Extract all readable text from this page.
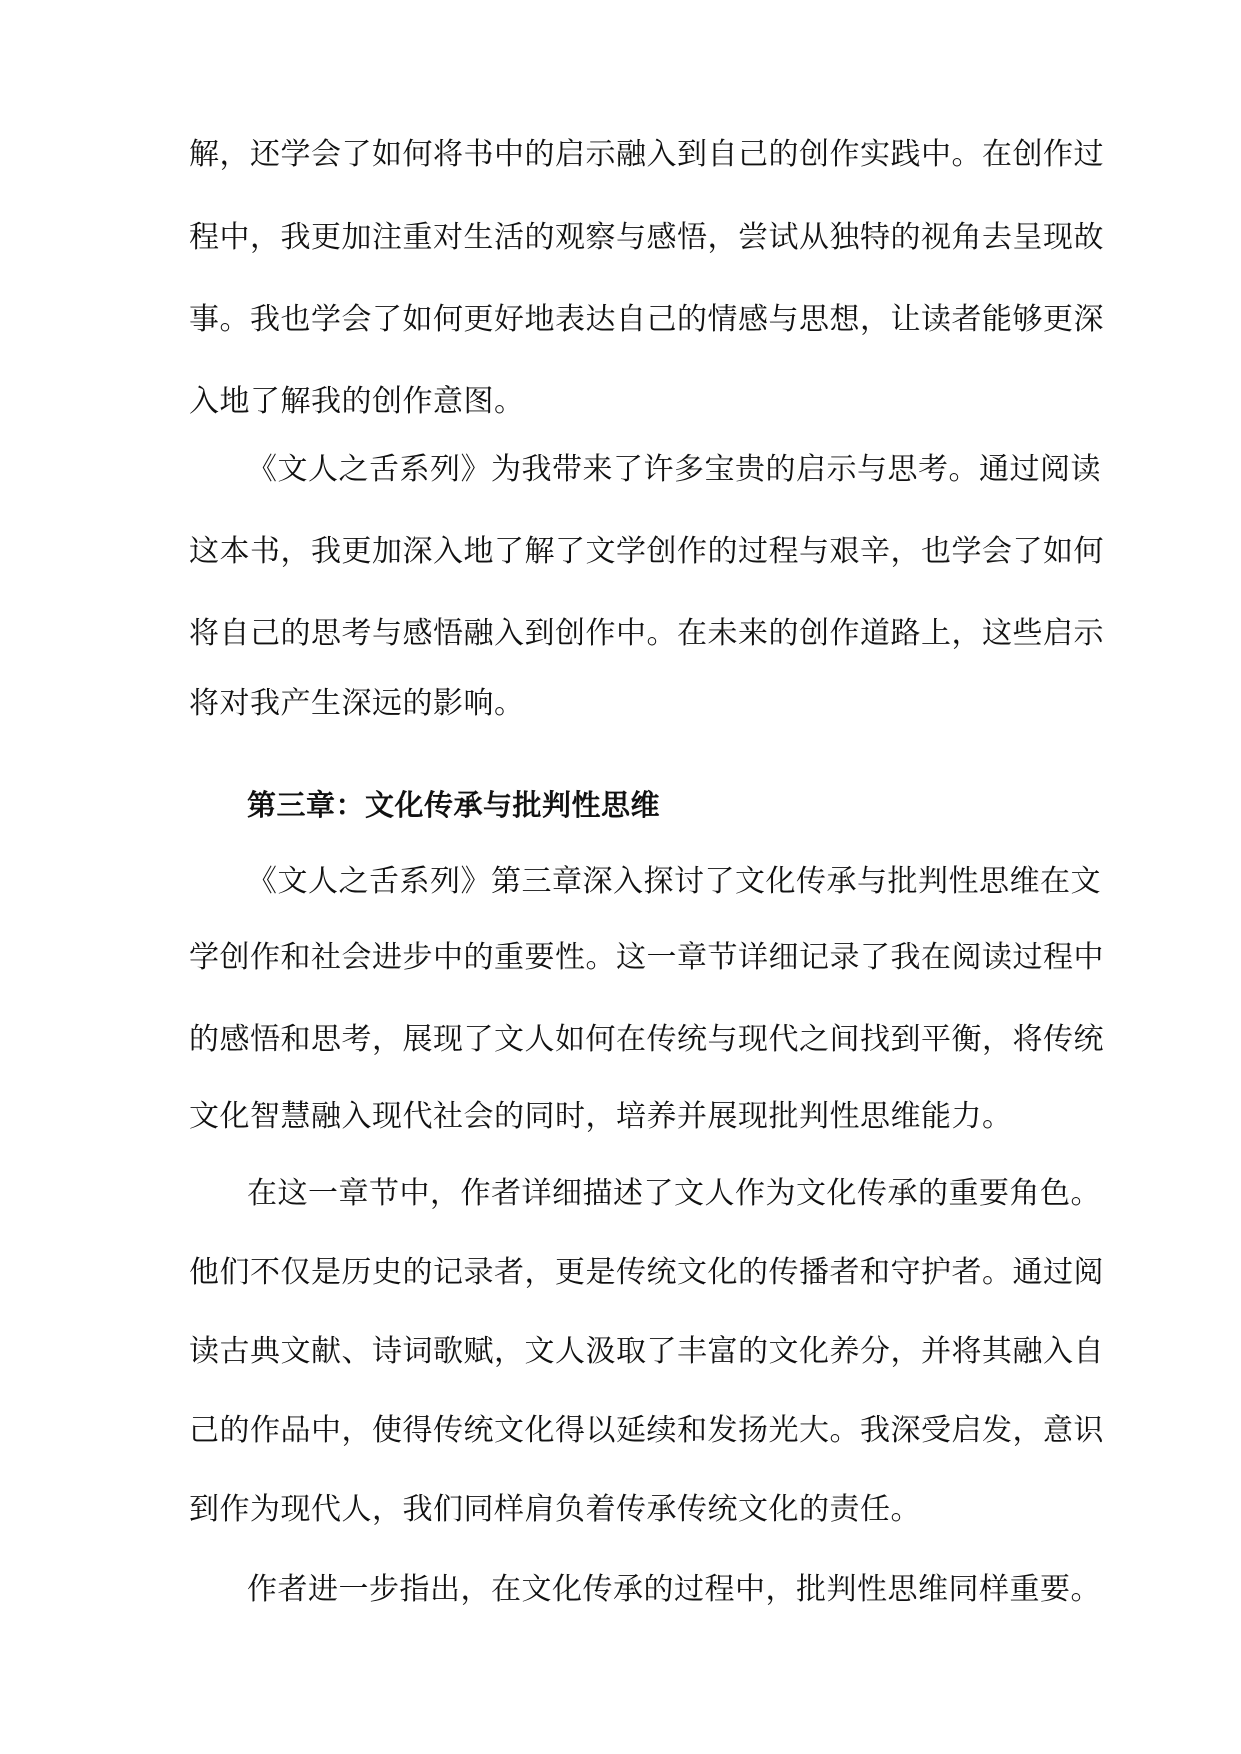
解，还学会了如何将书中的启示融入到自己的创作实践中。在创作过
程中，我更加注重对生活的观察与感悟，尝试从独特的视角去呈现故
事。我也学会了如何更好地表达自己的情感与思想，让读者能够更深
入地了解我的创作意图。
《文人之舌系列》为我带来了许多宝贵的启示与思考。通过阅读
这本书，我更加深入地了解了文学创作的过程与艰辛，也学会了如何
将自己的思考与感悟融入到创作中。在未来的创作道路上，这些启示
将对我产生深远的影响。
第三章：文化传承与批判性思维
《文人之舌系列》第三章深入探讨了文化传承与批判性思维在文
学创作和社会进步中的重要性。这一章节详细记录了我在阅读过程中
的感悟和思考，展现了文人如何在传统与现代之间找到平衡，将传统
文化智慧融入现代社会的同时，培养并展现批判性思维能力。
在这一章节中，作者详细描述了文人作为文化传承的重要角色。
他们不仅是历史的记录者，更是传统文化的传播者和守护者。通过阅
读古典文献、诗词歌赋，文人汲取了丰富的文化养分，并将其融入自
己的作品中，使得传统文化得以延续和发扬光大。我深受启发，意识
到作为现代人，我们同样肩负着传承传统文化的责任。
作者进一步指出，在文化传承的过程中，批判性思维同样重要。
